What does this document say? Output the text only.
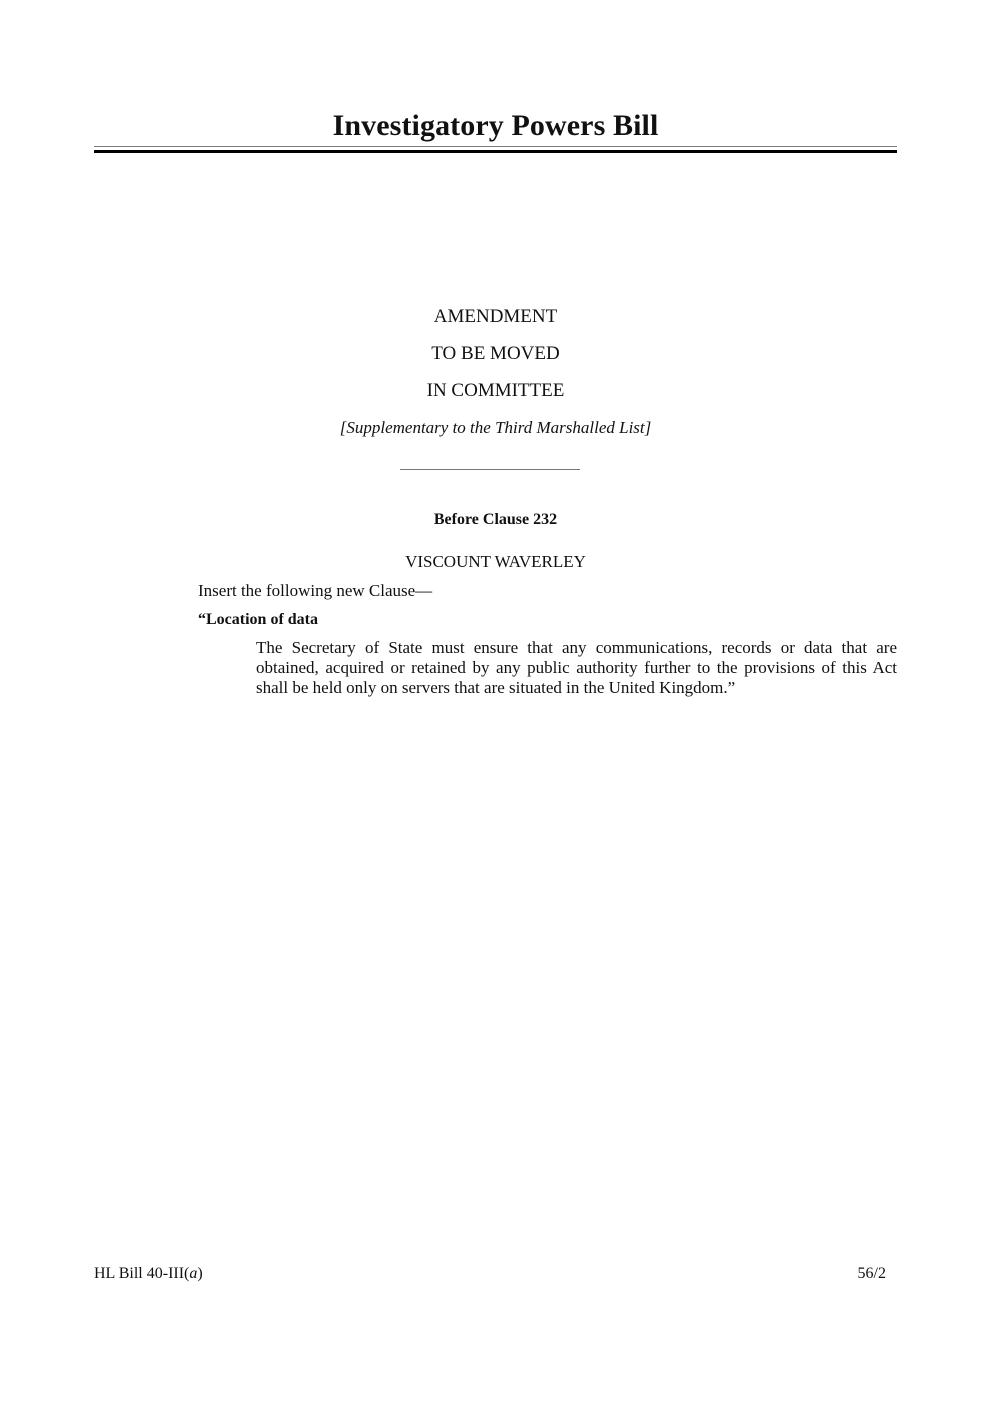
Investigatory Powers Bill
AMENDMENT
TO BE MOVED
IN COMMITTEE
[Supplementary to the Third Marshalled List]
Before Clause 232
VISCOUNT WAVERLEY
Insert the following new Clause—
“Location of data
The Secretary of State must ensure that any communications, records or data that are obtained, acquired or retained by any public authority further to the provisions of this Act shall be held only on servers that are situated in the United Kingdom.”
HL Bill 40-III(a)	56/2
